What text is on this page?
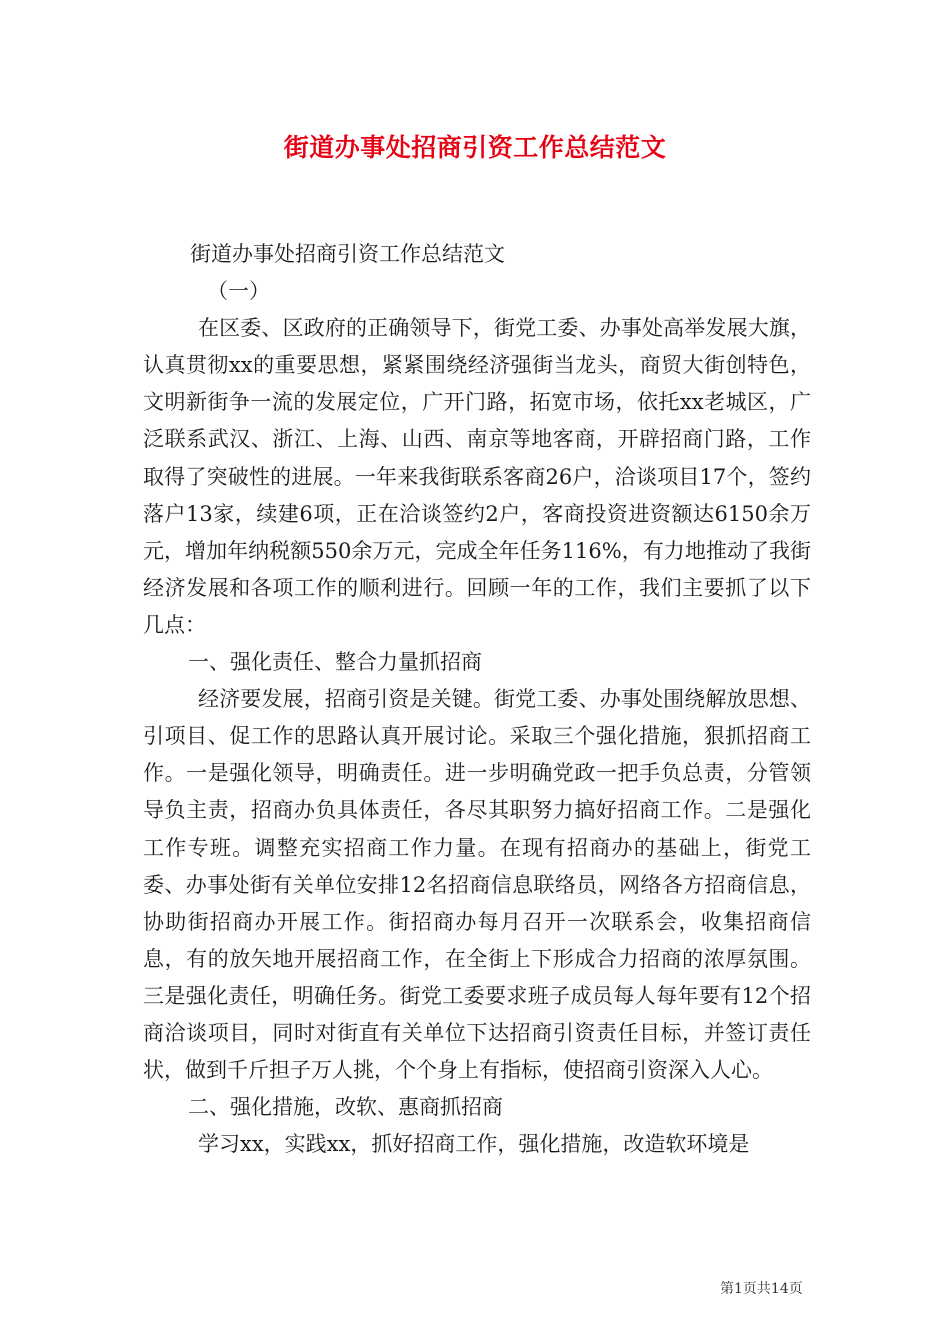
街道办事处招商引资工作总结范文

街道办事处招商引资工作总结范文

（一）

在区委、区政府的正确领导下，街党工委、办事处高举发展大旗，认真贯彻xx的重要思想，紧紧围绕经济强街当龙头，商贸大街创特色，文明新街争一流的发展定位，广开门路，拓宽市场，依托xx老城区，广泛联系武汉、浙江、上海、山西、南京等地客商，开辟招商门路，工作取得了突破性的进展。一年来我街联系客商26户，洽谈项目17个，签约落户13家，续建6项，正在洽谈签约2户，客商投资进资额达6150余万元，增加年纳税额550余万元，完成全年任务116%，有力地推动了我街经济发展和各项工作的顺利进行。回顾一年的工作，我们主要抓了以下几点：

一、强化责任、整合力量抓招商

经济要发展，招商引资是关键。街党工委、办事处围绕解放思想、引项目、促工作的思路认真开展讨论。采取三个强化措施，狠抓招商工作。一是强化领导，明确责任。进一步明确党政一把手负总责，分管领导负主责，招商办负具体责任，各尽其职努力搞好招商工作。二是强化工作专班。调整充实招商工作力量。在现有招商办的基础上，街党工委、办事处街有关单位安排12名招商信息联络员，网络各方招商信息，协助街招商办开展工作。街招商办每月召开一次联系会，收集招商信息，有的放矢地开展招商工作，在全街上下形成合力招商的浓厚氛围。三是强化责任，明确任务。街党工委要求班子成员每人每年要有12个招商洽谈项目，同时对街直有关单位下达招商引资责任目标，并签订责任状，做到千斤担子万人挑，个个身上有指标，使招商引资深入人心。

二、强化措施，改软、惠商抓招商

学习xx，实践xx，抓好招商工作，强化措施，改造软环境是

第1页共14页
